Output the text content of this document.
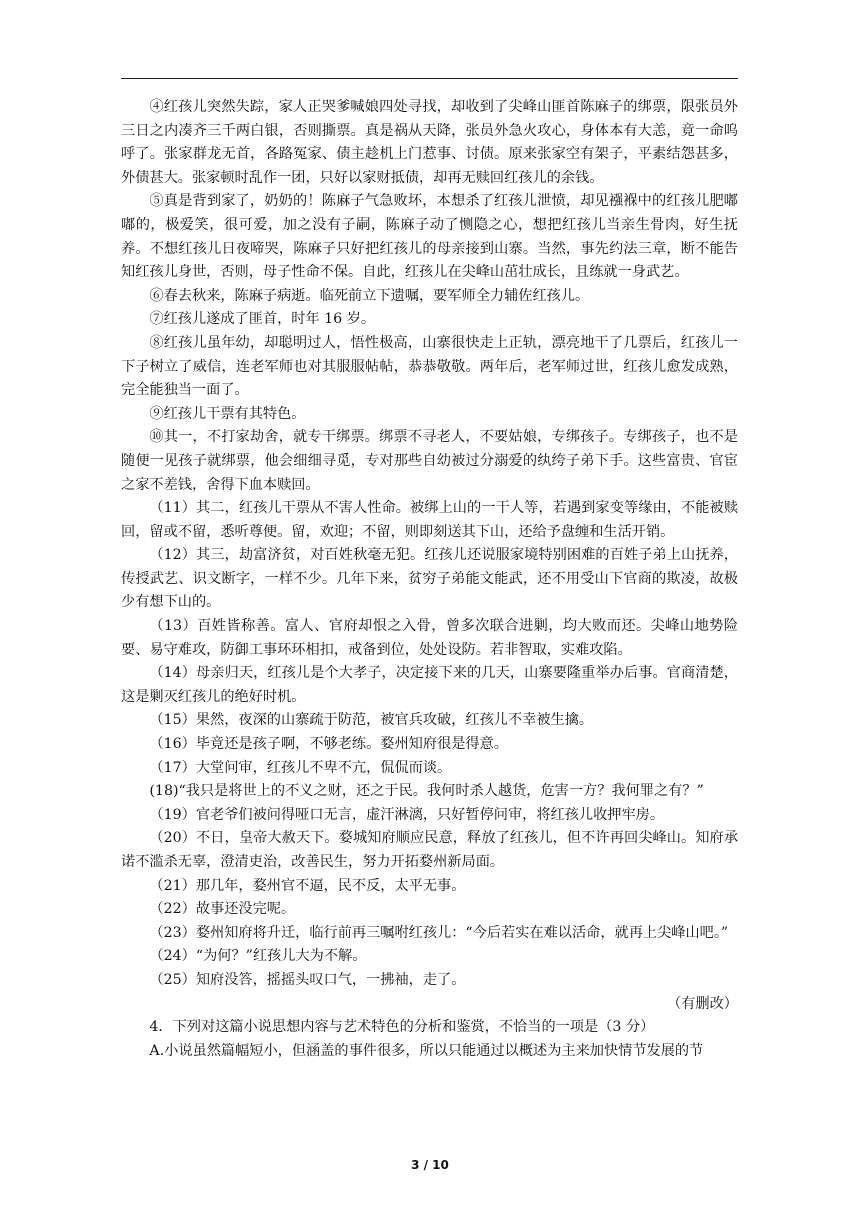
④红孩儿突然失踪，家人正哭爹喊娘四处寻找，却收到了尖峰山匪首陈麻子的绑票，限张员外三日之内凑齐三千两白银，否则撕票。真是祸从天降，张员外急火攻心，身体本有大恙，竟一命呜呼了。张家群龙无首，各路冤家、债主趁机上门惹事、讨债。原来张家空有架子，平素结怨甚多，外债甚大。张家顿时乱作一团，只好以家财抵债，却再无赎回红孩儿的余钱。

⑤真是背到家了，奶奶的！陈麻子气急败坏，本想杀了红孩儿泄愤，却见襁褓中的红孩儿肥嘟嘟的，极爱笑，很可爱，加之没有子嗣，陈麻子动了恻隐之心，想把红孩儿当亲生骨肉，好生抚养。不想红孩儿日夜啼哭，陈麻子只好把红孩儿的母亲接到山寨。当然，事先约法三章，断不能告知红孩儿身世，否则，母子性命不保。自此，红孩儿在尖峰山茁壮成长，且练就一身武艺。

⑥春去秋来，陈麻子病逝。临死前立下遗嘱，要军师全力辅佐红孩儿。

⑦红孩儿遂成了匪首，时年 16 岁。

⑧红孩儿虽年幼，却聪明过人，悟性极高，山寨很快走上正轨，漂亮地干了几票后，红孩儿一下子树立了威信，连老军师也对其服服帖帖，恭恭敬敬。两年后，老军师过世，红孩儿愈发成熟，完全能独当一面了。

⑨红孩儿干票有其特色。

⑩其一，不打家劫舍，就专干绑票。绑票不寻老人，不要姑娘，专绑孩子。专绑孩子，也不是随便一见孩子就绑票，他会细细寻觅，专对那些自幼被过分溺爱的纨绔子弟下手。这些富贵、官宦之家不差钱，舍得下血本赎回。

（11）其二，红孩儿干票从不害人性命。被绑上山的一干人等，若遇到家变等缘由，不能被赎回，留或不留，悉听尊便。留，欢迎；不留，则即刻送其下山，还给予盘缠和生活开销。

（12）其三，劫富济贫，对百姓秋毫无犯。红孩儿还说服家境特别困难的百姓子弟上山抚养，传授武艺、识文断字，一样不少。几年下来，贫穷子弟能文能武，还不用受山下官商的欺凌，故极少有想下山的。

（13）百姓皆称善。富人、官府却恨之入骨，曾多次联合进剿，均大败而还。尖峰山地势险要、易守难攻，防御工事环环相扣，戒备到位，处处设防。若非智取，实难攻陷。

（14）母亲归天，红孩儿是个大孝子，决定接下来的几天，山寨要隆重举办后事。官商清楚，这是剿灭红孩儿的绝好时机。

（15）果然，夜深的山寨疏于防范，被官兵攻破，红孩儿不幸被生擒。

（16）毕竟还是孩子啊，不够老练。婺州知府很是得意。

（17）大堂问审，红孩儿不卑不亢，侃侃而谈。

(18)“我只是将世上的不义之财，还之于民。我何时杀人越货，危害一方？我何罪之有？”

（19）官老爷们被问得哑口无言，虚汗淋漓，只好暂停问审，将红孩儿收押牢房。

（20）不日，皇帝大赦天下。婺城知府顺应民意，释放了红孩儿，但不许再回尖峰山。知府承诺不滥杀无辜，澄清吏治，改善民生，努力开拓婺州新局面。

（21）那几年，婺州官不逼，民不反，太平无事。

（22）故事还没完呢。

（23）婺州知府将升迁，临行前再三嘱咐红孩儿：“今后若实在难以活命，就再上尖峰山吧。”

（24）“为何？”红孩儿大为不解。

（25）知府没答，摇摇头叹口气，一拂袖，走了。

（有删改）

4．下列对这篇小说思想内容与艺术特色的分析和鉴赏，不恰当的一项是（3 分）

A.小说虽然篇幅短小，但涵盖的事件很多，所以只能通过以概述为主来加快情节发展的节

3 / 10
